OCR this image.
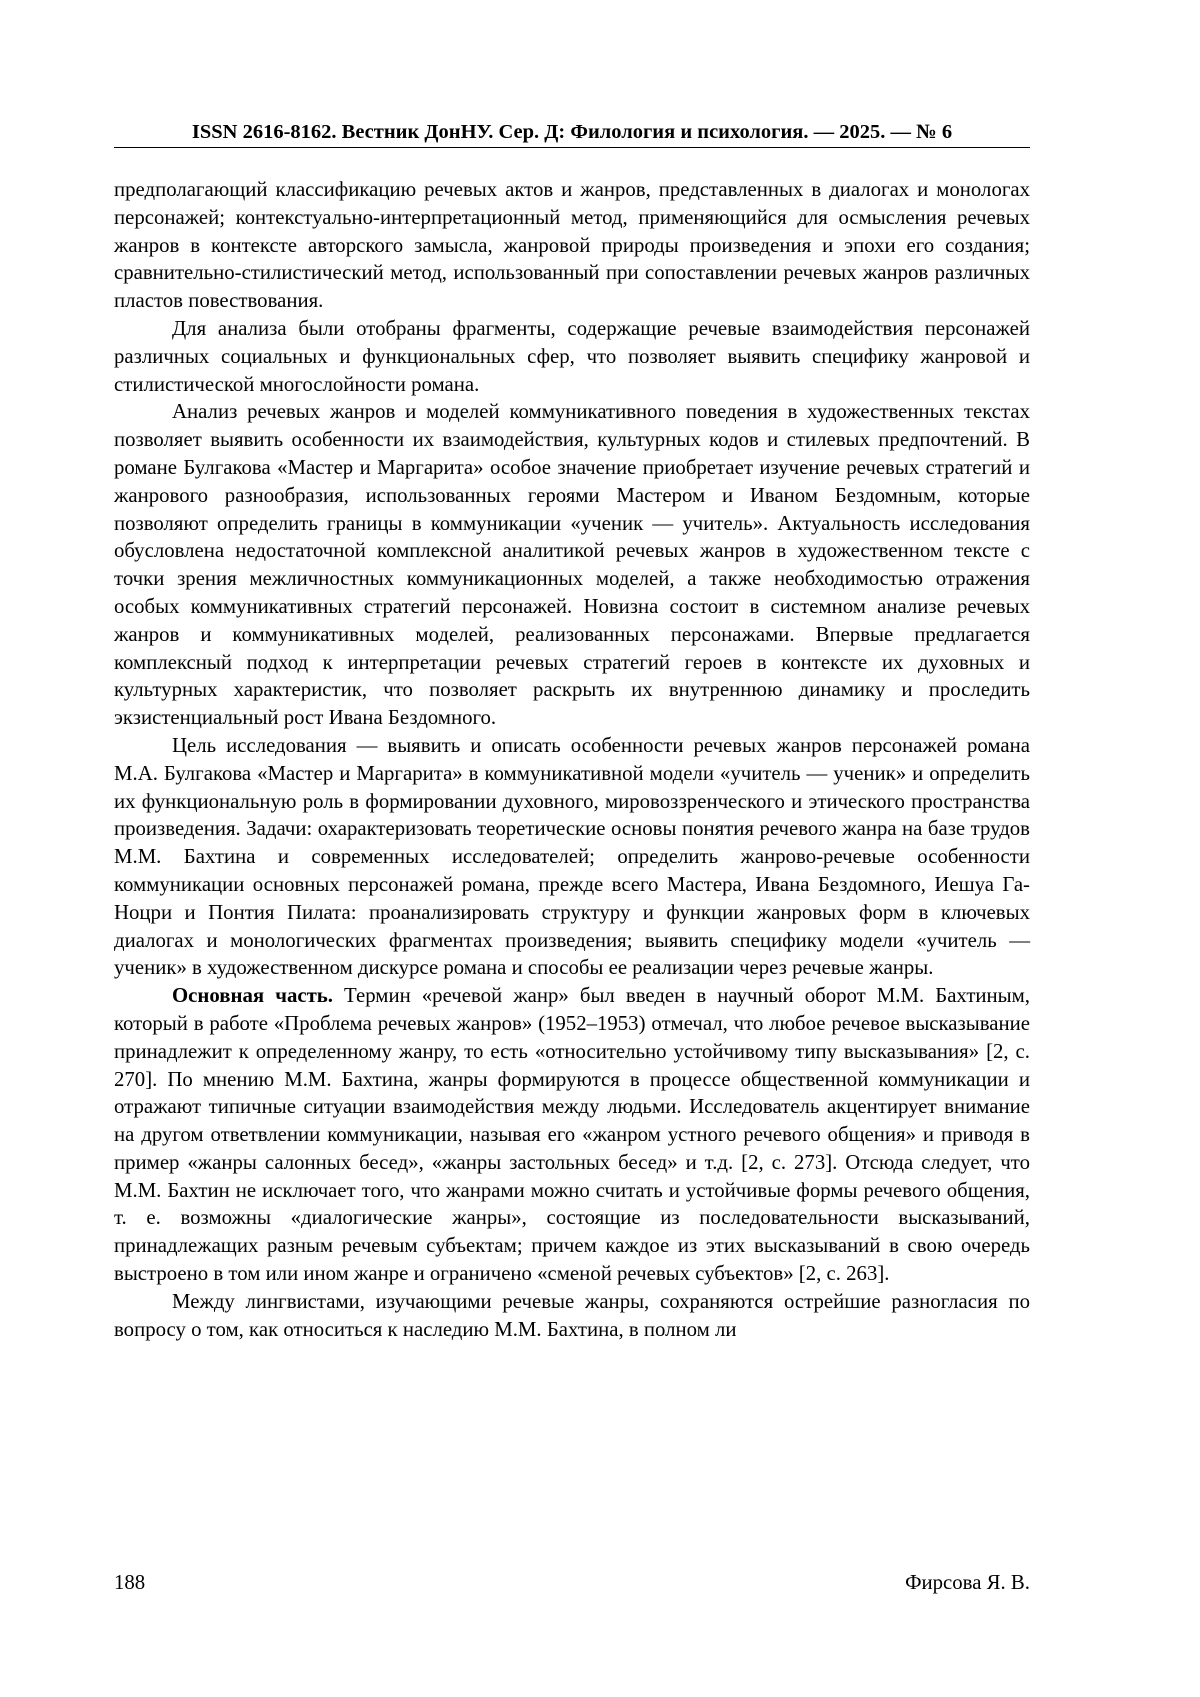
ISSN 2616-8162. Вестник ДонНУ. Сер. Д: Филология и психология. — 2025. — № 6

предполагающий классификацию речевых актов и жанров, представленных в диалогах и монологах персонажей; контекстуально-интерпретационный метод, применяющийся для осмысления речевых жанров в контексте авторского замысла, жанровой природы произведения и эпохи его создания; сравнительно-стилистический метод, использованный при сопоставлении речевых жанров различных пластов повествования.

Для анализа были отобраны фрагменты, содержащие речевые взаимодействия персонажей различных социальных и функциональных сфер, что позволяет выявить специфику жанровой и стилистической многослойности романа.

Анализ речевых жанров и моделей коммуникативного поведения в художественных текстах позволяет выявить особенности их взаимодействия, культурных кодов и стилевых предпочтений. В романе Булгакова «Мастер и Маргарита» особое значение приобретает изучение речевых стратегий и жанрового разнообразия, использованных героями Мастером и Иваном Бездомным, которые позволяют определить границы в коммуникации «ученик — учитель». Актуальность исследования обусловлена недостаточной комплексной аналитикой речевых жанров в художественном тексте с точки зрения межличностных коммуникационных моделей, а также необходимостью отражения особых коммуникативных стратегий персонажей. Новизна состоит в системном анализе речевых жанров и коммуникативных моделей, реализованных персонажами. Впервые предлагается комплексный подход к интерпретации речевых стратегий героев в контексте их духовных и культурных характеристик, что позволяет раскрыть их внутреннюю динамику и проследить экзистенциальный рост Ивана Бездомного.

Цель исследования — выявить и описать особенности речевых жанров персонажей романа М.А. Булгакова «Мастер и Маргарита» в коммуникативной модели «учитель — ученик» и определить их функциональную роль в формировании духовного, мировоззренческого и этического пространства произведения. Задачи: охарактеризовать теоретические основы понятия речевого жанра на базе трудов М.М. Бахтина и современных исследователей; определить жанрово-речевые особенности коммуникации основных персонажей романа, прежде всего Мастера, Ивана Бездомного, Иешуа Га-Ноцри и Понтия Пилата: проанализировать структуру и функции жанровых форм в ключевых диалогах и монологических фрагментах произведения; выявить специфику модели «учитель — ученик» в художественном дискурсе романа и способы ее реализации через речевые жанры.

Основная часть. Термин «речевой жанр» был введен в научный оборот М.М. Бахтиным, который в работе «Проблема речевых жанров» (1952–1953) отмечал, что любое речевое высказывание принадлежит к определенному жанру, то есть «относительно устойчивому типу высказывания» [2, с. 270]. По мнению М.М. Бахтина, жанры формируются в процессе общественной коммуникации и отражают типичные ситуации взаимодействия между людьми. Исследователь акцентирует внимание на другом ответвлении коммуникации, называя его «жанром устного речевого общения» и приводя в пример «жанры салонных бесед», «жанры застольных бесед» и т.д. [2, с. 273]. Отсюда следует, что М.М. Бахтин не исключает того, что жанрами можно считать и устойчивые формы речевого общения, т. е. возможны «диалогические жанры», состоящие из последовательности высказываний, принадлежащих разным речевым субъектам; причем каждое из этих высказываний в свою очередь выстроено в том или ином жанре и ограничено «сменой речевых субъектов» [2, с. 263].

Между лингвистами, изучающими речевые жанры, сохраняются острейшие разногласия по вопросу о том, как относиться к наследию М.М. Бахтина, в полном ли

188	Фирсова Я. В.
